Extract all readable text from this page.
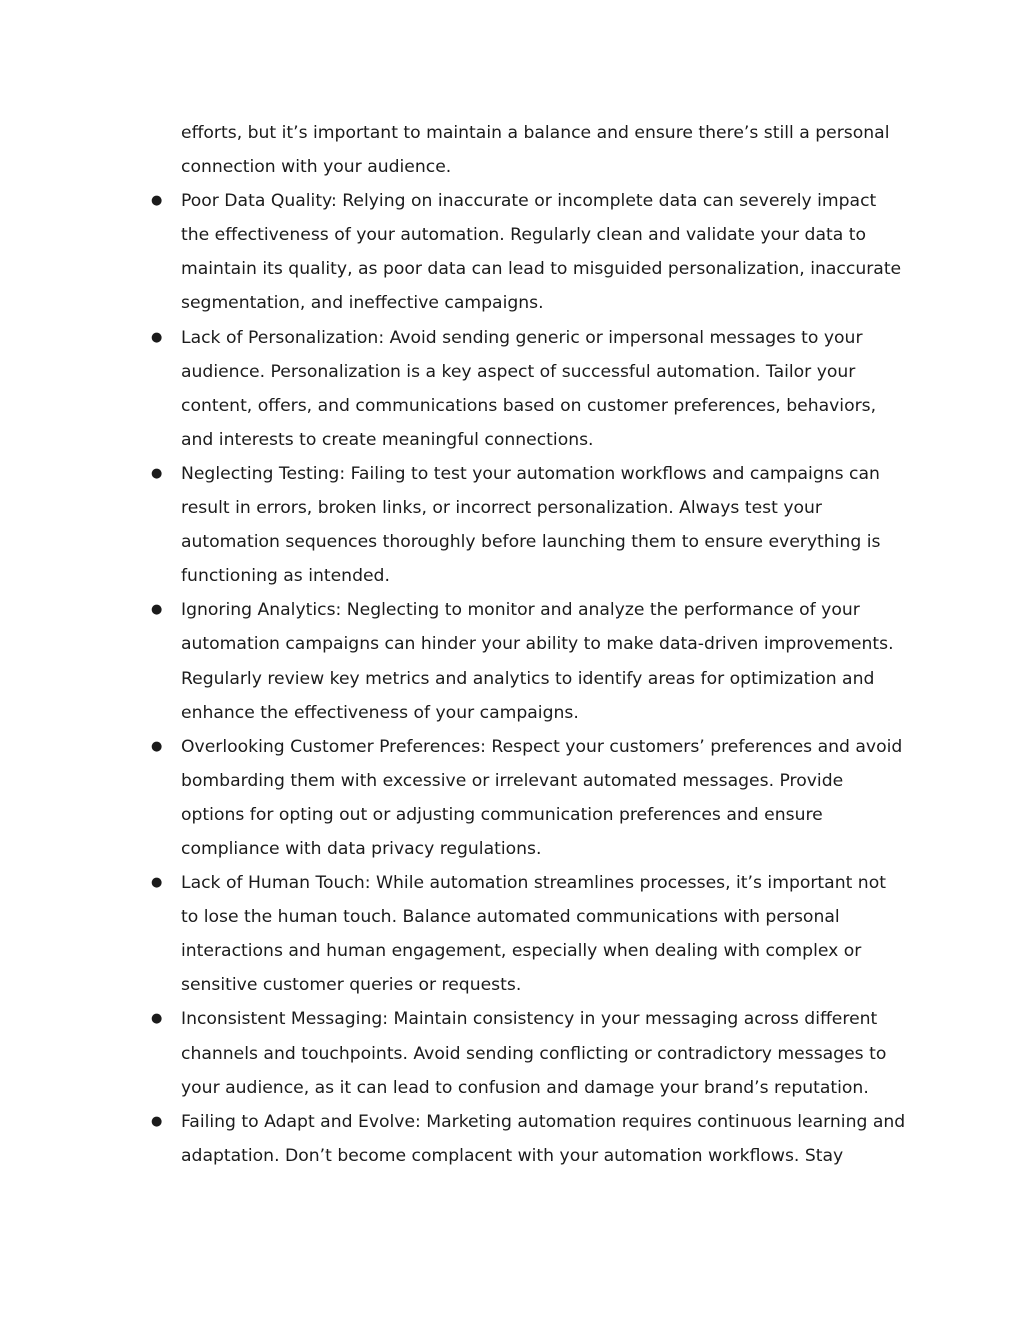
efforts, but it’s important to maintain a balance and ensure there’s still a personal connection with your audience.

● Poor Data Quality: Relying on inaccurate or incomplete data can severely impact the effectiveness of your automation. Regularly clean and validate your data to maintain its quality, as poor data can lead to misguided personalization, inaccurate segmentation, and ineffective campaigns.
● Lack of Personalization: Avoid sending generic or impersonal messages to your audience. Personalization is a key aspect of successful automation. Tailor your content, offers, and communications based on customer preferences, behaviors, and interests to create meaningful connections.
● Neglecting Testing: Failing to test your automation workflows and campaigns can result in errors, broken links, or incorrect personalization. Always test your automation sequences thoroughly before launching them to ensure everything is functioning as intended.
● Ignoring Analytics: Neglecting to monitor and analyze the performance of your automation campaigns can hinder your ability to make data-driven improvements. Regularly review key metrics and analytics to identify areas for optimization and enhance the effectiveness of your campaigns.
● Overlooking Customer Preferences: Respect your customers’ preferences and avoid bombarding them with excessive or irrelevant automated messages. Provide options for opting out or adjusting communication preferences and ensure compliance with data privacy regulations.
● Lack of Human Touch: While automation streamlines processes, it’s important not to lose the human touch. Balance automated communications with personal interactions and human engagement, especially when dealing with complex or sensitive customer queries or requests.
● Inconsistent Messaging: Maintain consistency in your messaging across different channels and touchpoints. Avoid sending conflicting or contradictory messages to your audience, as it can lead to confusion and damage your brand’s reputation.
● Failing to Adapt and Evolve: Marketing automation requires continuous learning and adaptation. Don’t become complacent with your automation workflows. Stay
